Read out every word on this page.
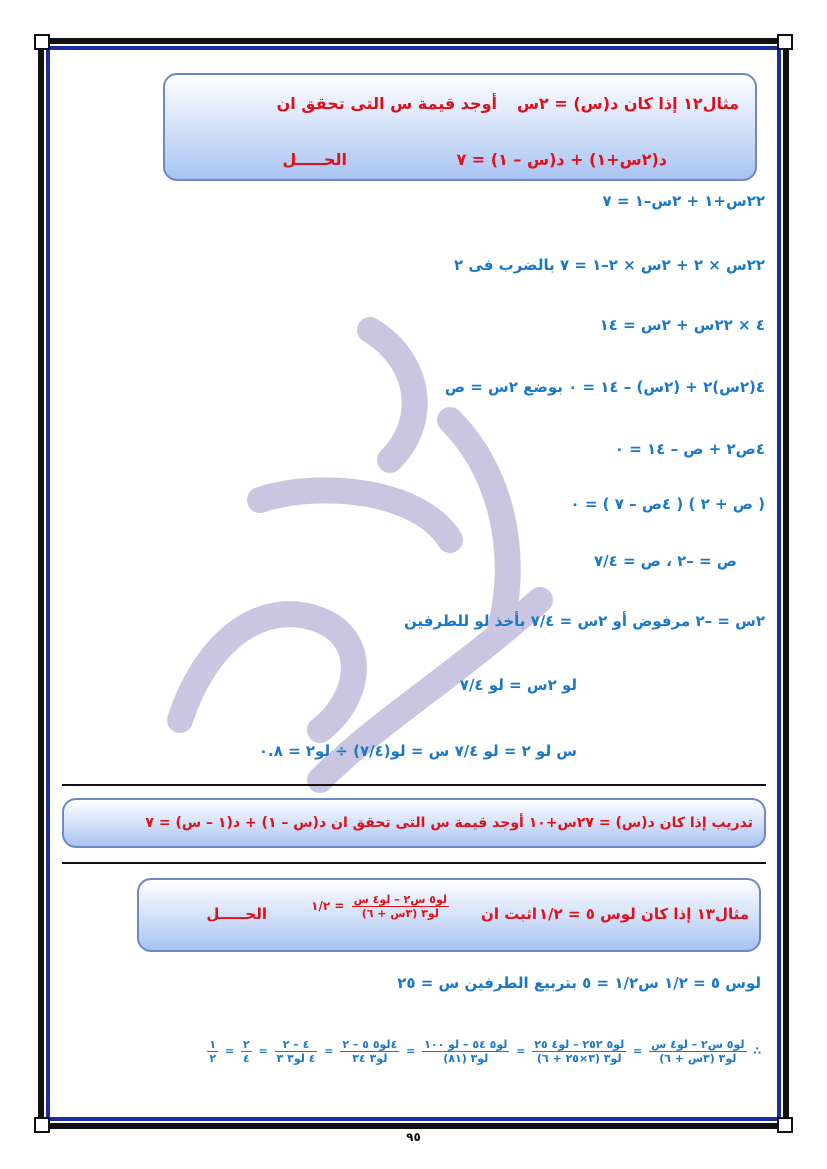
مثال١٢ إذا كان د(س) = ٢س
أوجد قيمة س التى تحقق ان
د(٢س+١) + د(س – ١) = ٧
الحـــــل
٢٢س+١ + ٢س–١ = ٧
٢٢س × ٢ + ٢س × ٢–١ = ٧ بالضرب فى ٢
٤ × ٢٢س + ٢س = ١٤
٤(٢س)٢ + (٢س) – ١٤ = ٠ بوضع ٢س = ص
٤ص٢ + ص – ١٤ = ٠
( ص + ٢ ) ( ٤ص – ٧ ) = ٠
ص = –٢ ، ص = ٧/٤
٢س = –٢ مرفوض أو ٢س = ٧/٤ بأخذ لو للطرفين
لو ٢س = لو ٧/٤
س لو ٢ = لو ٧/٤ س = لو(٧/٤) ÷ لو٢ = ٠.٨
تدريب إذا كان د(س) = ٢٧س+١٠ أوجد قيمة س التى تحقق ان د(س – ١) + د(١ – س) = ٧
مثال١٣ إذا كان لوس ٥ = ١/٢
اثبت ان
$\frac{\text{لو٥ س٢ – لو٤ س}}{\text{لو٣ (٣س + ٦)}}$
= ١/٢
الحـــــل
لوس ٥ = ١/٢ س١/٢ = ٥ بتربيع الطرفين س = ٢٥
∴
$\frac{\text{لو٥ س٢ – لو٤ س}}{\text{لو٣ (٣س + ٦)}}$
=
$\frac{\text{لو٥ ٢٥٢ – لو٤ ٢٥}}{\text{لو٣ (٣×٢٥ + ٦)}}$
=
$\frac{\text{لو٥ ٥٤ – لو ١٠٠}}{\text{لو٣ (٨١)}}$
=
$\frac{\text{٤لو٥ ٥ – ٢}}{\text{لو٣ ٣٤}}$
=
$\frac{٤ - ٢}{\text{٤ لو٣ ٣}}$
=
$\frac{٢}{٤}$
=
$\frac{١}{٢}$
٩٥
